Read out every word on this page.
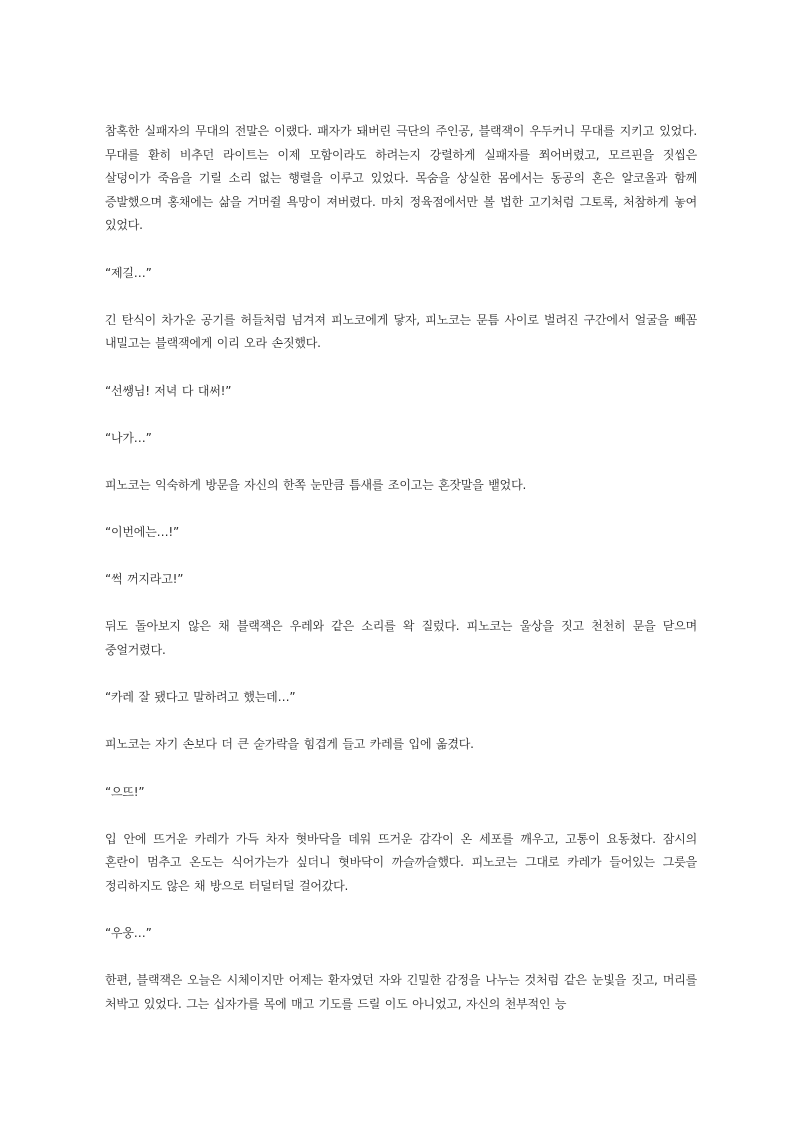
참혹한 실패자의 무대의 전말은 이랬다. 패자가 돼버린 극단의 주인공, 블랙잭이 우두커니 무대를 지키고 있었다. 무대를 환히 비추던 라이트는 이제 모함이라도 하려는지 강렬하게 실패자를 쬐어버렸고, 모르핀을 짓씹은 살덩이가 죽음을 기릴 소리 없는 행렬을 이루고 있었다. 목숨을 상실한 몸에서는 동공의 혼은 알코올과 함께 증발했으며 홍채에는 삶을 거머쥘 욕망이 져버렸다. 마치 정육점에서만 볼 법한 고기처럼 그토록, 처참하게 놓여 있었다.

“제길…”

긴 탄식이 차가운 공기를 허들처럼 넘겨져 피노코에게 닿자, 피노코는 문틈 사이로 벌려진 구간에서 얼굴을 빼꼼 내밀고는 블랙잭에게 이리 오라 손짓했다.

“선쌩님! 저녁 다 대써!”

“나가…”

피노코는 익숙하게 방문을 자신의 한쪽 눈만큼 틈새를 조이고는 혼잣말을 뱉었다.

“이번에는…!”

“썩 꺼지라고!”

뒤도 돌아보지 않은 채 블랙잭은 우레와 같은 소리를 왁 질렀다. 피노코는 울상을 짓고 천천히 문을 닫으며 중얼거렸다.

“카레 잘 됐다고 말하려고 했는데…”

피노코는 자기 손보다 더 큰 숟가락을 힘겹게 들고 카레를 입에 옮겼다.

“으뜨!”

입 안에 뜨거운 카레가 가득 차자 혓바닥을 데워 뜨거운 감각이 온 세포를 깨우고, 고통이 요동쳤다. 잠시의 혼란이 멈추고 온도는 식어가는가 싶더니 혓바닥이 까슬까슬했다. 피노코는 그대로 카레가 들어있는 그릇을 정리하지도 않은 채 방으로 터덜터덜 걸어갔다.

“우웅…”

한편, 블랙잭은 오늘은 시체이지만 어제는 환자였던 자와 긴밀한 감정을 나누는 것처럼 같은 눈빛을 짓고, 머리를 처박고 있었다. 그는 십자가를 목에 매고 기도를 드릴 이도 아니었고, 자신의 천부적인 능
